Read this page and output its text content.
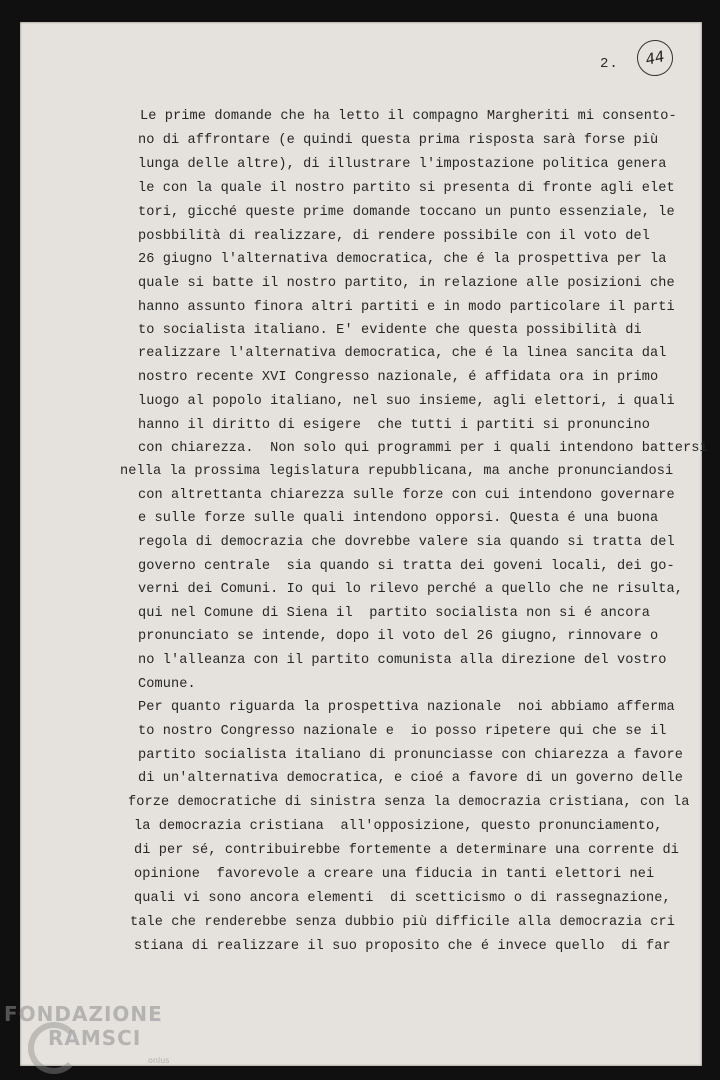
2.	44
Le prime domande che ha letto il compagno Margheriti mi consento-
no di affrontare (e quindi questa prima risposta sarà forse più
lunga delle altre), di illustrare l'impostazione politica genera
le con la quale il nostro partito si presenta di fronte agli elet
tori, gicché queste prime domande toccano un punto essenziale, le
posbbilità di realizzare, di rendere possibile con il voto del
26 giugno l'alternativa democratica, che é la prospettiva per la
quale si batte il nostro partito, in relazione alle posizioni che
hanno assunto finora altri partiti e in modo particolare il parti
to socialista italiano. E' evidente che questa possibilità di
realizzare l'alternativa democratica, che é la linea sancita dal
nostro recente XVI Congresso nazionale, é affidata ora in primo
luogo al popolo italiano, nel suo insieme, agli elettori, i quali
hanno il diritto di esigere  che tutti i partiti si pronuncino
con chiarezza.  Non solo qui programmi per i quali intendono battersi
nella la prossima legislatura repubblicana, ma anche pronunciandosi
con altrettanta chiarezza sulle forze con cui intendono governare
e sulle forze sulle quali intendono opporsi. Questa é una buona
regola di democrazia che dovrebbe valere sia quando si tratta del
governo centrale  sia quando si tratta dei goveni locali, dei go-
verni dei Comuni. Io qui lo rilevo perché a quello che ne risulta,
qui nel Comune di Siena il  partito socialista non si é ancora
pronunciato se intende, dopo il voto del 26 giugno, rinnovare o
no l'alleanza con il partito comunista alla direzione del vostro
Comune.
Per quanto riguarda la prospettiva nazionale  noi abbiamo afferma
to nostro Congresso nazionale e  io posso ripetere qui che se il
partito socialista italiano di pronunciasse con chiarezza a favore
di un'alternativa democratica, e cioé a favore di un governo delle
forze democratiche di sinistra senza la democrazia cristiana, con la
la democrazia cristiana  all'opposizione, questo pronunciamento,
di per sé, contribuirebbe fortemente a determinare una corrente di
opinione  favorevole a creare una fiducia in tanti elettori nei
quali vi sono ancora elementi  di scetticismo o di rassegnazione,
tale che renderebbe senza dubbio più difficile alla democrazia cri
stiana di realizzare il suo proposito che é invece quello  di far
FONDAZIONE
RAMSCI
onlus
